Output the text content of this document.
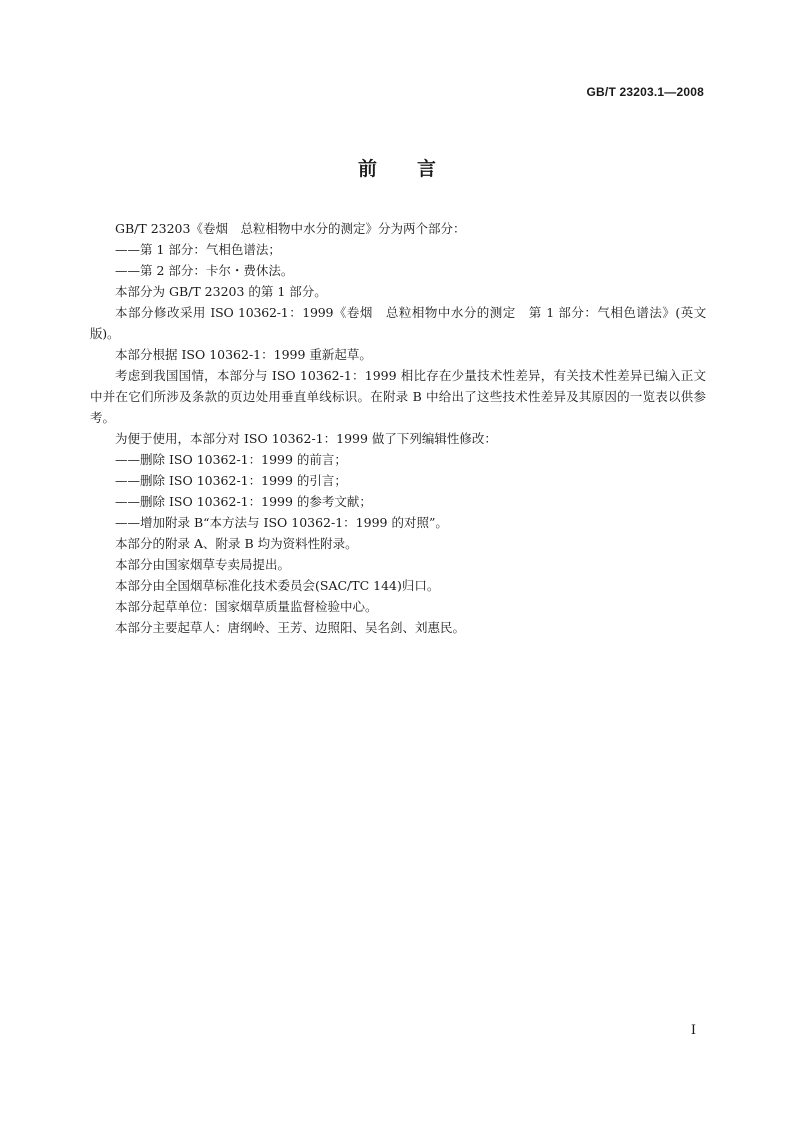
GB/T 23203.1—2008
前言

GB/T 23203《卷烟　总粒相物中水分的测定》分为两个部分：

——第 1 部分：气相色谱法；

——第 2 部分：卡尔・费休法。

本部分为 GB/T 23203 的第 1 部分。

本部分修改采用 ISO 10362-1：1999《卷烟　总粒相物中水分的测定　第 1 部分：气相色谱法》(英文版)。

本部分根据 ISO 10362-1：1999 重新起草。

考虑到我国国情，本部分与 ISO 10362-1：1999 相比存在少量技术性差异，有关技术性差异已编入正文中并在它们所涉及条款的页边处用垂直单线标识。在附录 B 中给出了这些技术性差异及其原因的一览表以供参考。

为便于使用，本部分对 ISO 10362-1：1999 做了下列编辑性修改：

——删除 ISO 10362-1：1999 的前言；

——删除 ISO 10362-1：1999 的引言；

——删除 ISO 10362-1：1999 的参考文献；

——增加附录 B“本方法与 ISO 10362-1：1999 的对照”。

本部分的附录 A、附录 B 均为资料性附录。

本部分由国家烟草专卖局提出。

本部分由全国烟草标准化技术委员会(SAC/TC 144)归口。

本部分起草单位：国家烟草质量监督检验中心。

本部分主要起草人：唐纲岭、王芳、边照阳、吴名剑、刘惠民。

I
